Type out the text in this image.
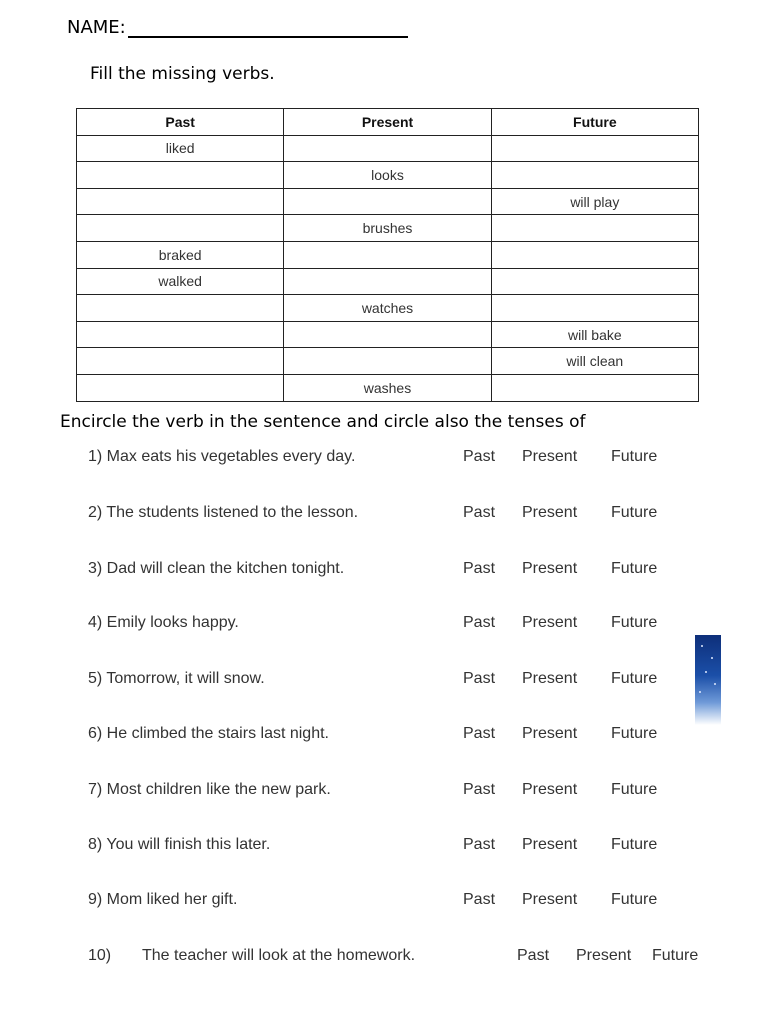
NAME:
Fill the missing verbs.
Past	Present	Future
liked		
	looks	
		will play
	brushes	
braked		
walked		
	watches	
		will bake
		will clean
	washes	
Encircle the verb in the sentence and circle also the tenses of
1) Max eats his vegetables every day.	Past Present Future
2) The students listened to the lesson.	Past Present Future
3) Dad will clean the kitchen tonight.	Past Present Future
4) Emily looks happy.	Past Present Future
5) Tomorrow, it will snow.	Past Present Future
6) He climbed the stairs last night.	Past Present Future
7) Most children like the new park.	Past Present Future
8) You will finish this later.	Past Present Future
9) Mom liked her gift.	Past Present Future
10) The teacher will look at the homework.	Past Present Future
